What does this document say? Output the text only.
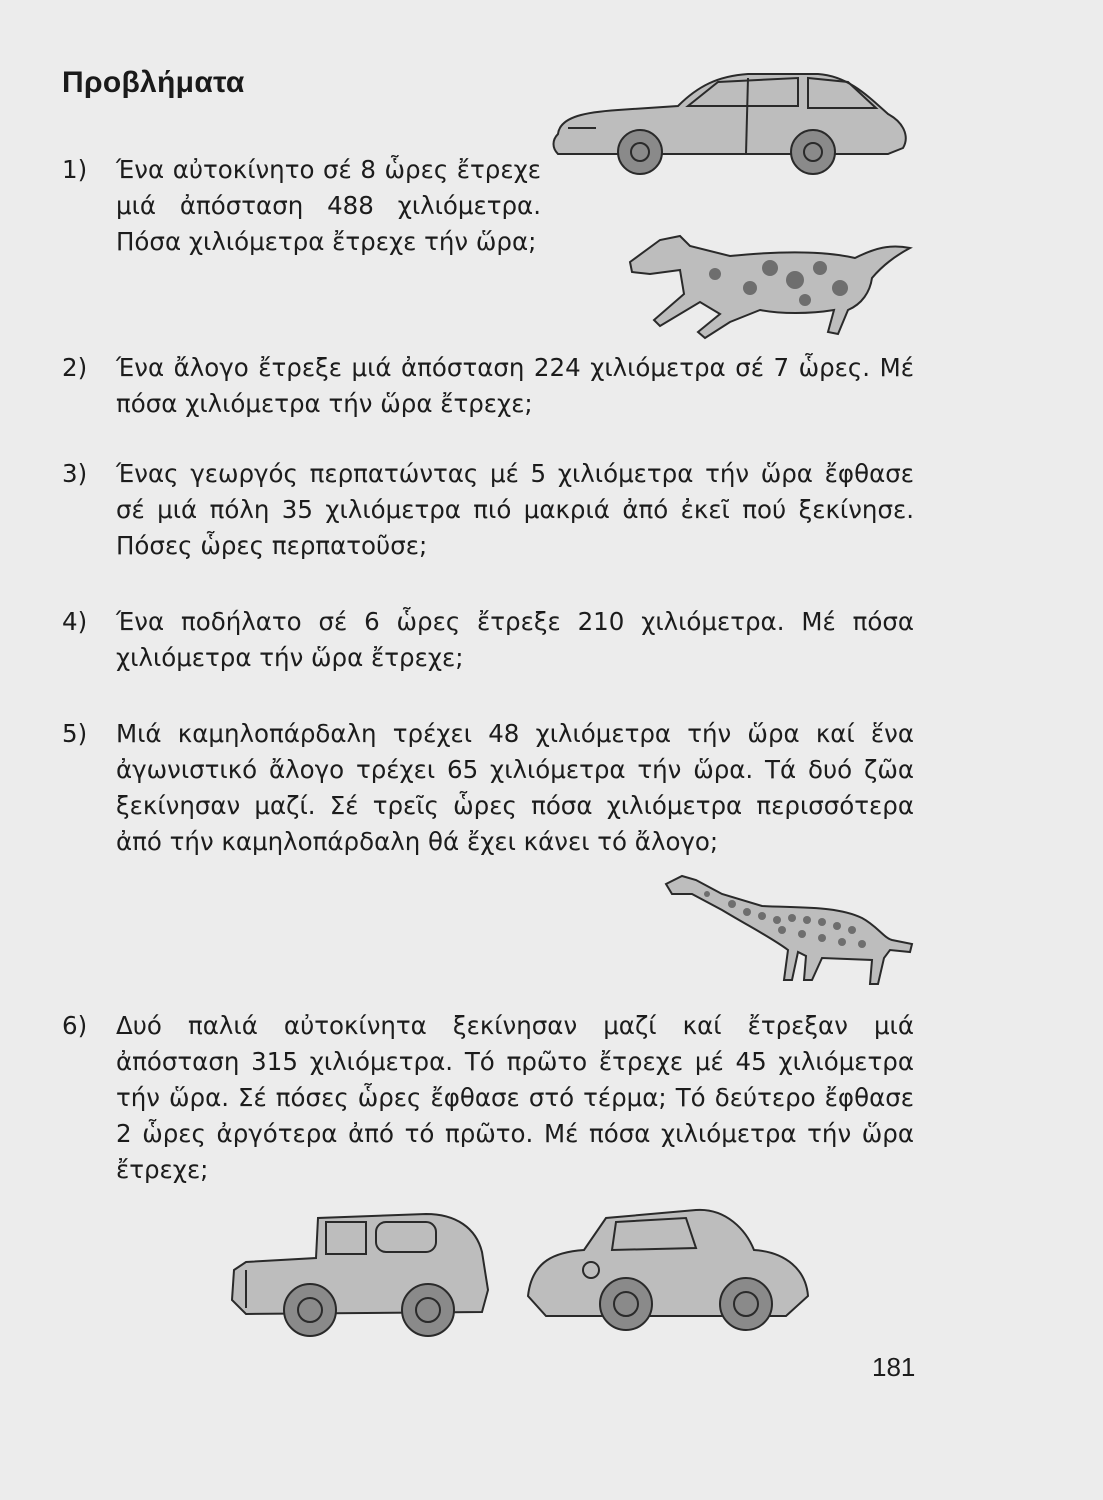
Προβλήματα
1) Ένα αὐτοκίνητο σέ 8 ὧρες ἔτρεχε μιά ἀπόσταση 488 χιλιόμετρα. Πόσα χιλιόμετρα ἔτρεχε τήν ὥρα;
2) Ένα ἄλογο ἔτρεξε μιά ἀπόσταση 224 χιλιόμετρα σέ 7 ὧρες. Μέ πόσα χιλιόμετρα τήν ὥρα ἔτρεχε;
3) Ένας γεωργός περπατώντας μέ 5 χιλιόμετρα τήν ὥρα ἔφθασε σέ μιά πόλη 35 χιλιόμετρα πιό μακριά ἀπό ἐκεῖ πού ξεκίνησε. Πόσες ὧρες περπατοῦσε;
4) Ένα ποδήλατο σέ 6 ὧρες ἔτρεξε 210 χιλιόμετρα. Μέ πόσα χιλιόμετρα τήν ὥρα ἔτρεχε;
5) Μιά καμηλοπάρδαλη τρέχει 48 χιλιόμετρα τήν ὥρα καί ἕνα ἀγωνιστικό ἄλογο τρέχει 65 χιλιόμετρα τήν ὥρα. Τά δυό ζῶα ξεκίνησαν μαζί. Σέ τρεῖς ὧρες πόσα χιλιόμετρα περισσότερα ἀπό τήν καμηλοπάρδαλη θά ἔχει κάνει τό ἄλογο;
6) Δυό παλιά αὐτοκίνητα ξεκίνησαν μαζί καί ἔτρεξαν μιά ἀπόσταση 315 χιλιόμετρα. Τό πρῶτο ἔτρεχε μέ 45 χιλιόμετρα τήν ὥρα. Σέ πόσες ὧρες ἔφθασε στό τέρμα; Τό δεύτερο ἔφθασε 2 ὧρες ἀργότερα ἀπό τό πρῶτο. Μέ πόσα χιλιόμετρα τήν ὥρα ἔτρεχε;
181
